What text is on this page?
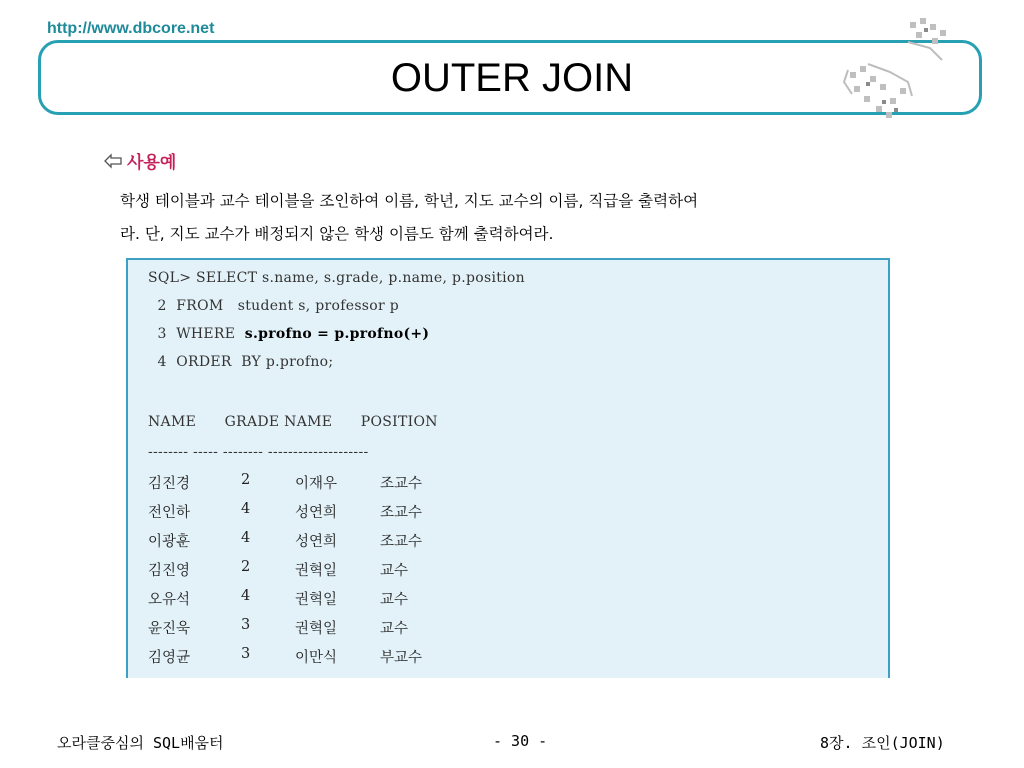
http://www.dbcore.net
OUTER JOIN
사용예

학생 테이블과 교수 테이블을 조인하여 이름, 학년, 지도 교수의 이름, 직급을 출력하여

라. 단, 지도 교수가 배정되지 않은 학생 이름도 함께 출력하여라.

SQL> SELECT s.name, s.grade, p.name, p.position
2  FROM   student s, professor p
3  WHERE  s.profno = p.profno(+)
4  ORDER  BY p.profno;
NAME      GRADE NAME      POSITION
-------- ----- -------- --------------------
김진경	2	이재우	조교수
전인하	4	성연희	조교수
이광훈	4	성연희	조교수
김진영	2	권혁일	교수
오유석	4	권혁일	교수
윤진욱	3	권혁일	교수
김영균	3	이만식	부교수
오라클중심의 SQL배움터	- 30 -	8장. 조인(JOIN)
